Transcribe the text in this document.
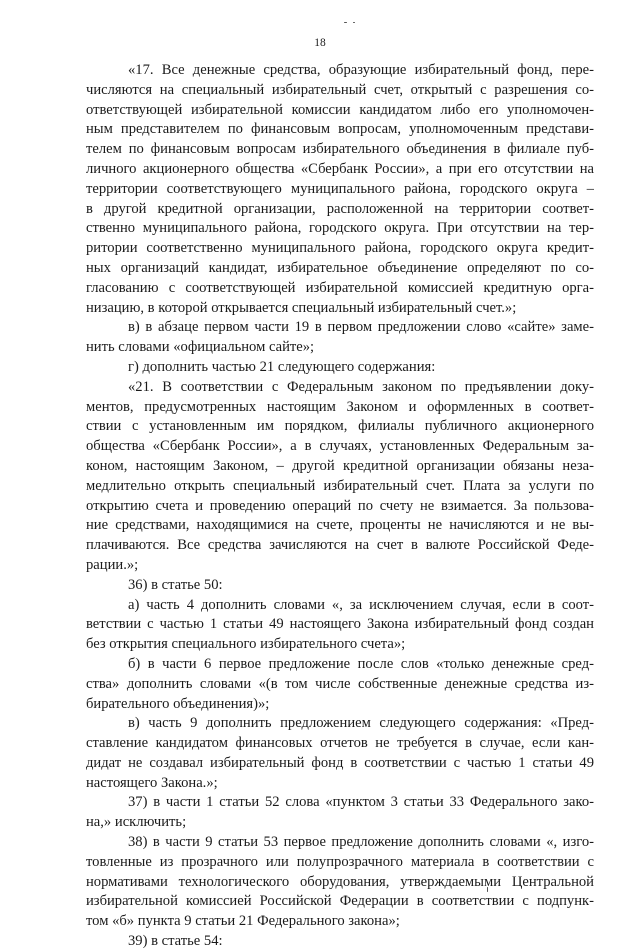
18
«17. Все денежные средства, образующие избирательный фонд, пере-
числяются на специальный избирательный счет, открытый с разрешения со-
ответствующей избирательной комиссии кандидатом либо его уполномочен-
ным представителем по финансовым вопросам, уполномоченным представи-
телем по финансовым вопросам избирательного объединения в филиале пуб-
личного акционерного общества «Сбербанк России», а при его отсутствии на
территории соответствующего муниципального района, городского округа –
в другой кредитной организации, расположенной на территории соответ-
ственно муниципального района, городского округа. При отсутствии на тер-
ритории соответственно муниципального района, городского округа кредит-
ных организаций кандидат, избирательное объединение определяют по со-
гласованию с соответствующей избирательной комиссией кредитную орга-
низацию, в которой открывается специальный избирательный счет.»;
в) в абзаце первом части 19 в первом предложении слово «сайте» заме-
нить словами «официальном сайте»;
г) дополнить частью 21 следующего содержания:
«21. В соответствии с Федеральным законом по предъявлении доку-
ментов, предусмотренных настоящим Законом и оформленных в соответ-
ствии с установленным им порядком, филиалы публичного акционерного
общества «Сбербанк России», а в случаях, установленных Федеральным за-
коном, настоящим Законом, – другой кредитной организации обязаны неза-
медлительно открыть специальный избирательный счет. Плата за услуги по
открытию счета и проведению операций по счету не взимается. За пользова-
ние средствами, находящимися на счете, проценты не начисляются и не вы-
плачиваются. Все средства зачисляются на счет в валюте Российской Феде-
рации.»;
36) в статье 50:
а) часть 4 дополнить словами «, за исключением случая, если в соот-
ветствии с частью 1 статьи 49 настоящего Закона избирательный фонд создан
без открытия специального избирательного счета»;
б) в части 6 первое предложение после слов «только денежные сред-
ства» дополнить словами «(в том числе собственные денежные средства из-
бирательного объединения)»;
в) часть 9 дополнить предложением следующего содержания: «Пред-
ставление кандидатом финансовых отчетов не требуется в случае, если кан-
дидат не создавал избирательный фонд в соответствии с частью 1 статьи 49
настоящего Закона.»;
37) в части 1 статьи 52 слова «пунктом 3 статьи 33 Федерального зако-
на,» исключить;
38) в части 9 статьи 53 первое предложение дополнить словами «, изго-
товленные из прозрачного или полупрозрачного материала в соответствии с
нормативами технологического оборудования, утверждаемыми Центральной
избирательной комиссией Российской Федерации в соответствии с подпунк-
том «б» пункта 9 статьи 21 Федерального закона»;
39) в статье 54:
